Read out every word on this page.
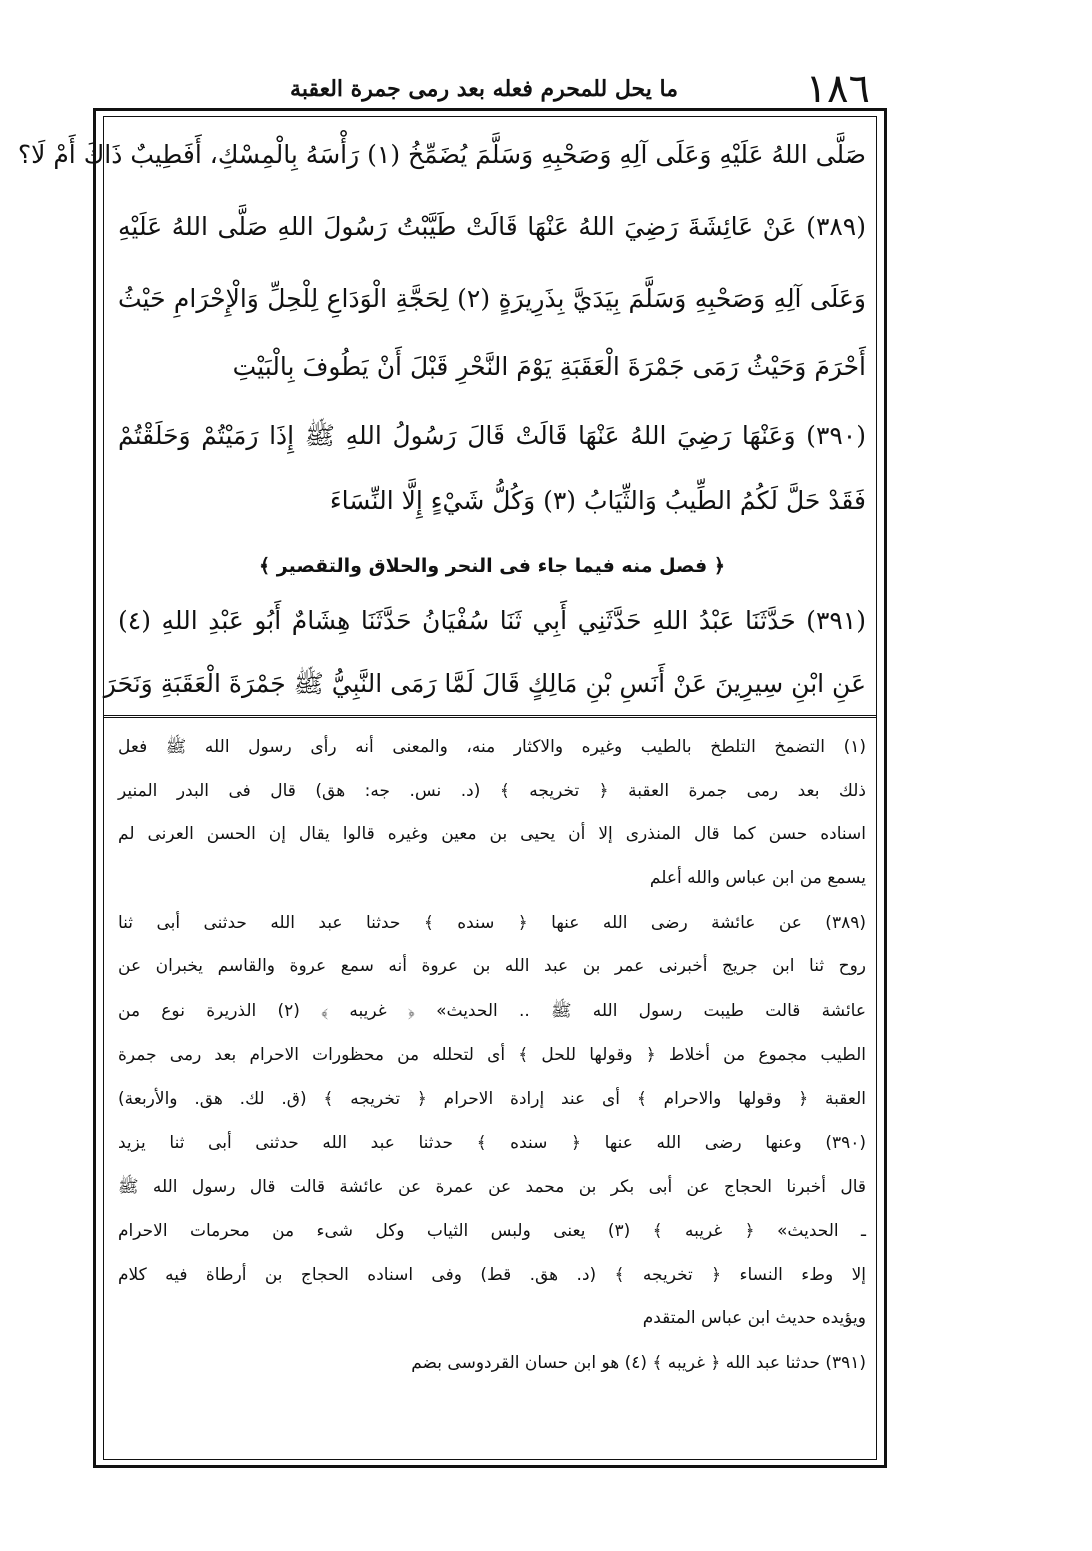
١٨٦
ما يحل للمحرم فعله بعد رمى جمرة العقبة
صَلَّى اللهُ عَلَيْهِ وَعَلَى آلِهِ وَصَحْبِهِ وَسَلَّمَ يُضَمِّخُ (١) رَأْسَهُ بِالْمِسْكِ، أَفَطِيبٌ ذَاكَ أَمْ لَا؟
(٣٨٩) عَنْ عَائِشَةَ رَضِيَ اللهُ عَنْهَا قَالَتْ طَيَّبْتُ رَسُولَ اللهِ صَلَّى اللهُ عَلَيْهِ
وَعَلَى آلِهِ وَصَحْبِهِ وَسَلَّمَ بِيَدَيَّ بِذَرِيرَةٍ (٢) لِحَجَّةِ الْوَدَاعِ لِلْحِلِّ وَالْإِحْرَامِ حَيْثُ
أَحْرَمَ وَحَيْثُ رَمَى جَمْرَةَ الْعَقَبَةِ يَوْمَ النَّحْرِ قَبْلَ أَنْ يَطُوفَ بِالْبَيْتِ
(٣٩٠) وَعَنْهَا رَضِيَ اللهُ عَنْهَا قَالَتْ قَالَ رَسُولُ اللهِ ﷺ إِذَا رَمَيْتُمْ وَحَلَقْتُمْ
فَقَدْ حَلَّ لَكُمُ الطِّيبُ وَالثِّيَابُ (٣) وَكُلُّ شَيْءٍ إِلَّا النِّسَاءَ
﴿ فصل منه فيما جاء فى النحر والحلاق والتقصير ﴾
(٣٩١) حَدَّثَنَا عَبْدُ اللهِ حَدَّثَنِي أَبِي ثَنَا سُفْيَانُ حَدَّثَنَا هِشَامٌ أَبُو عَبْدِ اللهِ (٤)
عَنِ ابْنِ سِيرِينَ عَنْ أَنَسِ بْنِ مَالِكٍ قَالَ لَمَّا رَمَى النَّبِيُّ ﷺ جَمْرَةَ الْعَقَبَةِ وَنَحَرَ
(١) التضمخ التلطخ بالطيب وغيره والاكثار منه، والمعنى أنه رأى رسول الله ﷺ فعل
ذلك بعد رمى جمرة العقبة ﴿ تخريجه ﴾ (د. نس. جه: هق) قال فى البدر المنير
اسناده حسن كما قال المنذرى إلا أن يحيى بن معين وغيره قالوا يقال إن الحسن العرنى لم
يسمع من ابن عباس والله أعلم
(٣٨٩) عن عائشة رضى الله عنها ﴿ سنده ﴾ حدثنا عبد الله حدثنى أبى ثنا
روح ثنا ابن جريج أخبرنى عمر بن عبد الله بن عروة أنه سمع عروة والقاسم يخبران عن
عائشة قالت طيبت رسول الله ﷺ .. الحديث» ﴿ غريبه ﴾ (٢) الذريرة نوع من
الطيب مجموع من أخلاط ﴿ وقولها للحل ﴾ أى لتحلله من محظورات الاحرام بعد رمى جمرة
العقبة ﴿ وقولها والاحرام ﴾ أى عند إرادة الاحرام ﴿ تخريجه ﴾ (ق. لك. هق. والأربعة)
(٣٩٠) وعنها رضى الله عنها ﴿ سنده ﴾ حدثنا عبد الله حدثنى أبى ثنا يزيد
قال أخبرنا الحجاج عن أبى بكر بن محمد عن عمرة عن عائشة قالت قال رسول الله ﷺ
ـ الحديث» ﴿ غريبه ﴾ (٣) يعنى ولبس الثياب وكل شىء من محرمات الاحرام
إلا وطء النساء ﴿ تخريجه ﴾ (د. هق. قط) وفى اسناده الحجاج بن أرطاة فيه كلام
ويؤيده حديث ابن عباس المتقدم
(٣٩١) حدثنا عبد الله ﴿ غريبه ﴾ (٤) هو ابن حسان القردوسى بضم
